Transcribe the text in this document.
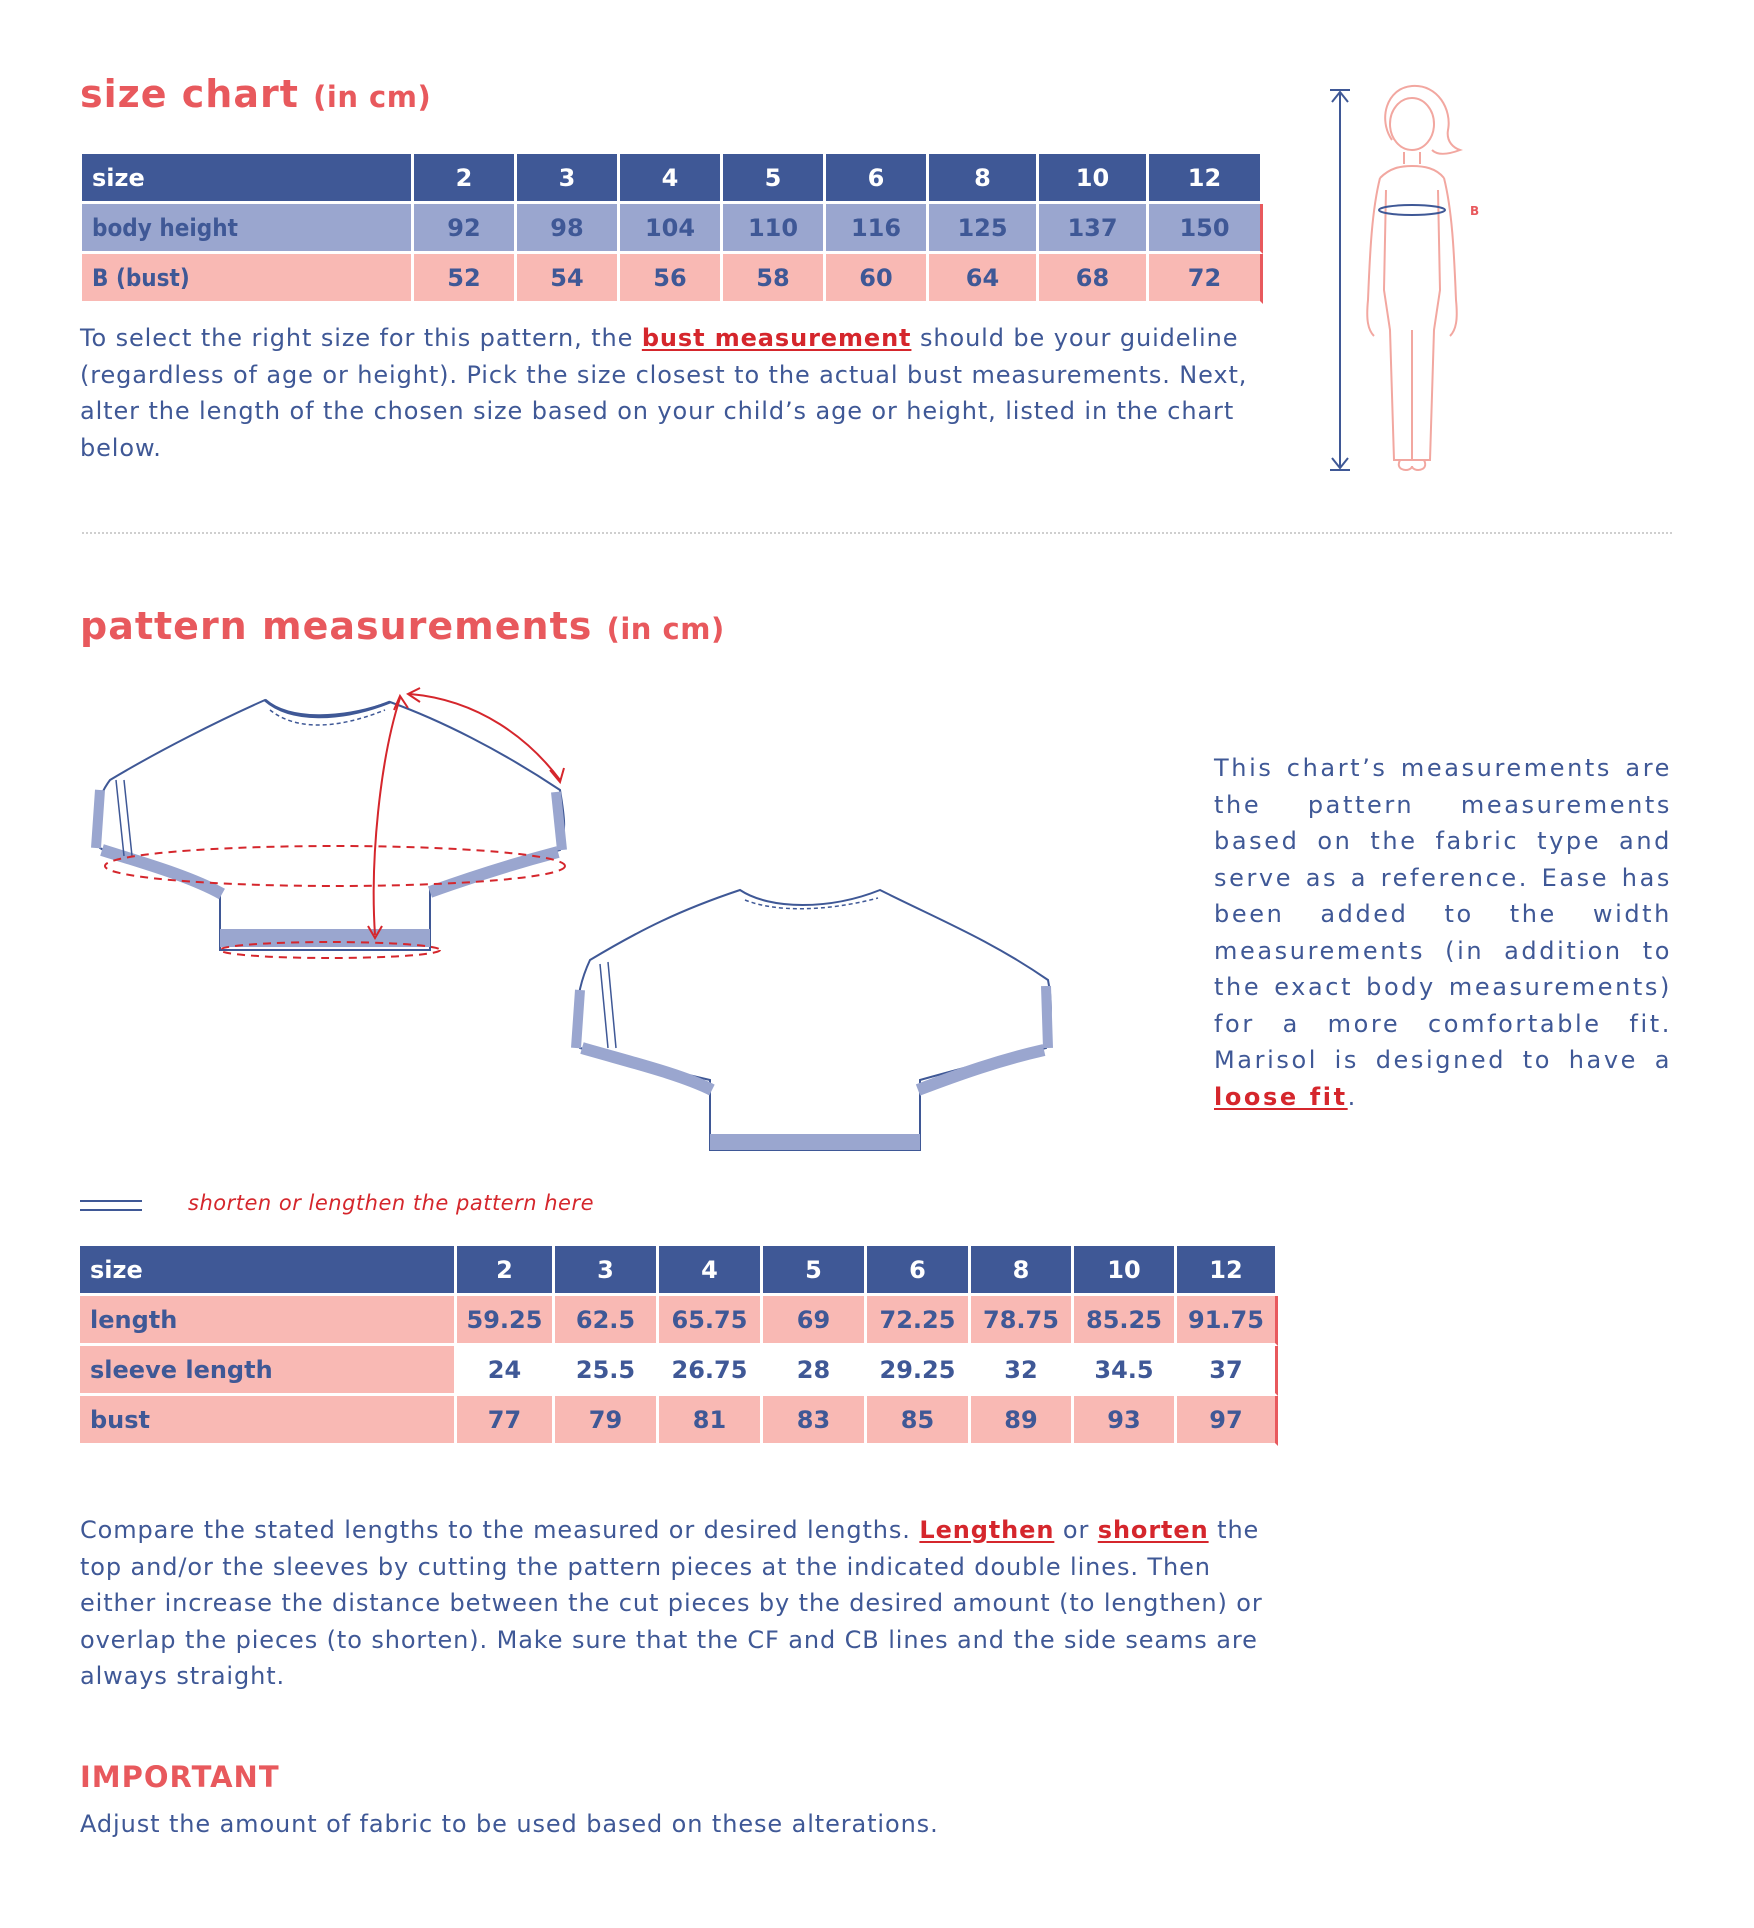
size chart (in cm)
size	2	3	4	5	6	8	10	12
body height	92	98	104	110	116	125	137	150
B (bust)	52	54	56	58	60	64	68	72

To select the right size for this pattern, the bust measurement should be your guideline (regardless of age or height). Pick the size closest to the actual bust measurements. Next, alter the length of the chosen size based on your child’s age or height, listed in the chart below.

B
pattern measurements (in cm)

This chart’s measurements are the pattern measurements based on the fabric type and serve as a reference. Ease has been added to the width measurements (in addition to the exact body measurements) for a more comfortable fit. Marisol is designed to have a loose fit.

shorten or lengthen the pattern here
size	2	3	4	5	6	8	10	12
length	59.25	62.5	65.75	69	72.25	78.75	85.25	91.75
sleeve length	24	25.5	26.75	28	29.25	32	34.5	37
bust	77	79	81	83	85	89	93	97

Compare the stated lengths to the measured or desired lengths. Lengthen or shorten the top and/or the sleeves by cutting the pattern pieces at the indicated double lines. Then either increase the distance between the cut pieces by the desired amount (to lengthen) or overlap the pieces (to shorten). Make sure that the CF and CB lines and the side seams are always straight.

IMPORTANT

Adjust the amount of fabric to be used based on these alterations.
